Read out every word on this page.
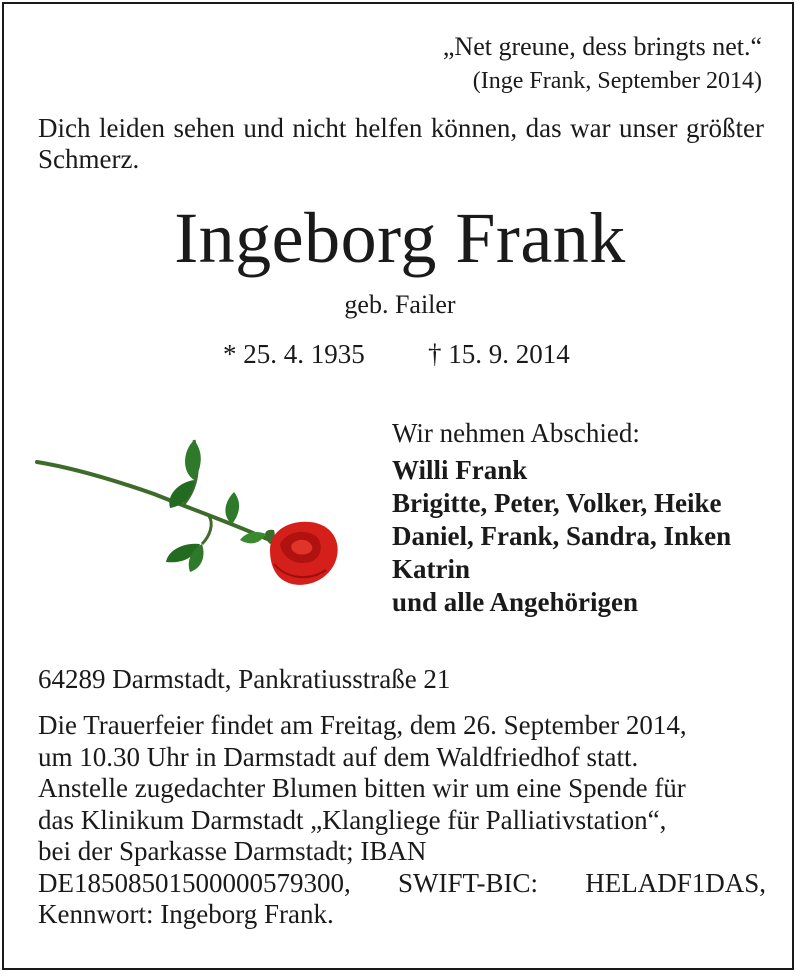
„Net greune, dess bringts net.“
(Inge Frank, September 2014)
Dich leiden sehen und nicht helfen können, das war unser größter Schmerz.
Ingeborg Frank
geb. Failer
* 25. 4. 1935 † 15. 9. 2014
Wir nehmen Abschied:
Willi Frank
Brigitte, Peter, Volker, Heike
Daniel, Frank, Sandra, Inken
Katrin
und alle Angehörigen
64289 Darmstadt, Pankratiusstraße 21
Die Trauerfeier findet am Freitag, dem 26. September 2014,
um 10.30 Uhr in Darmstadt auf dem Waldfriedhof statt.
Anstelle zugedachter Blumen bitten wir um eine Spende für
das Klinikum Darmstadt „Klangliege für Palliativstation“,
bei der Sparkasse Darmstadt; IBAN
DE18508501500000579300, SWIFT-BIC: HELADF1DAS,
Kennwort: Ingeborg Frank.
